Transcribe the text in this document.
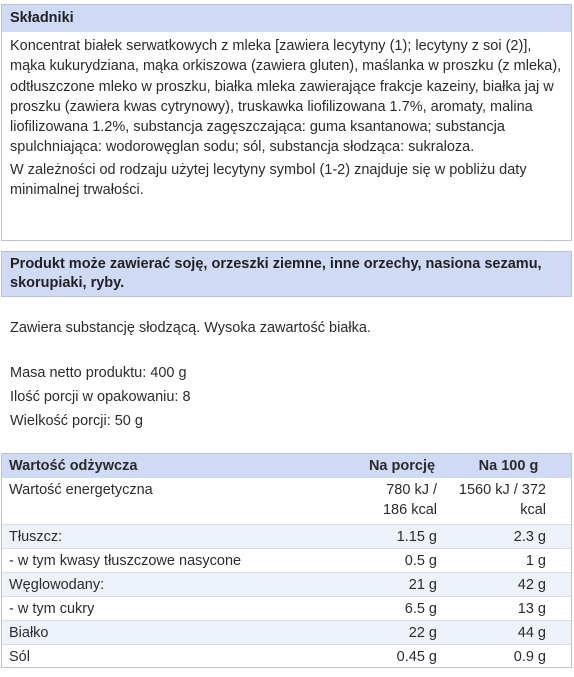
Składniki

Koncentrat białek serwatkowych z mleka [zawiera lecytyny (1); lecytyny z soi (2)], mąka kukurydziana, mąka orkiszowa (zawiera gluten), maślanka w proszku (z mleka), odtłuszczone mleko w proszku, białka mleka zawierające frakcje kazeiny, białka jaj w proszku (zawiera kwas cytrynowy), truskawka liofilizowana 1.7%, aromaty, malina liofilizowana 1.2%, substancja zagęszczająca: guma ksantanowa; substancja spulchniająca: wodorowęglan sodu; sól, substancja słodząca: sukraloza.

W zależności od rodzaju użytej lecytyny symbol (1-2) znajduje się w pobliżu daty minimalnej trwałości.

Produkt może zawierać soję, orzeszki ziemne, inne orzechy, nasiona sezamu, skorupiaki, ryby.
Zawiera substancję słodzącą. Wysoka zawartość białka.
Masa netto produktu: 400 g
Ilość porcji w opakowaniu: 8
Wielkość porcji: 50 g
Wartość odżywcza	Na porcję	Na 100 g
Wartość energetyczna	780 kJ / 186 kcal	1560 kJ / 372 kcal
Tłuszcz:	1.15 g	2.3 g
- w tym kwasy tłuszczowe nasycone	0.5 g	1 g
Węglowodany:	21 g	42 g
- w tym cukry	6.5 g	13 g
Białko	22 g	44 g
Sól	0.45 g	0.9 g
